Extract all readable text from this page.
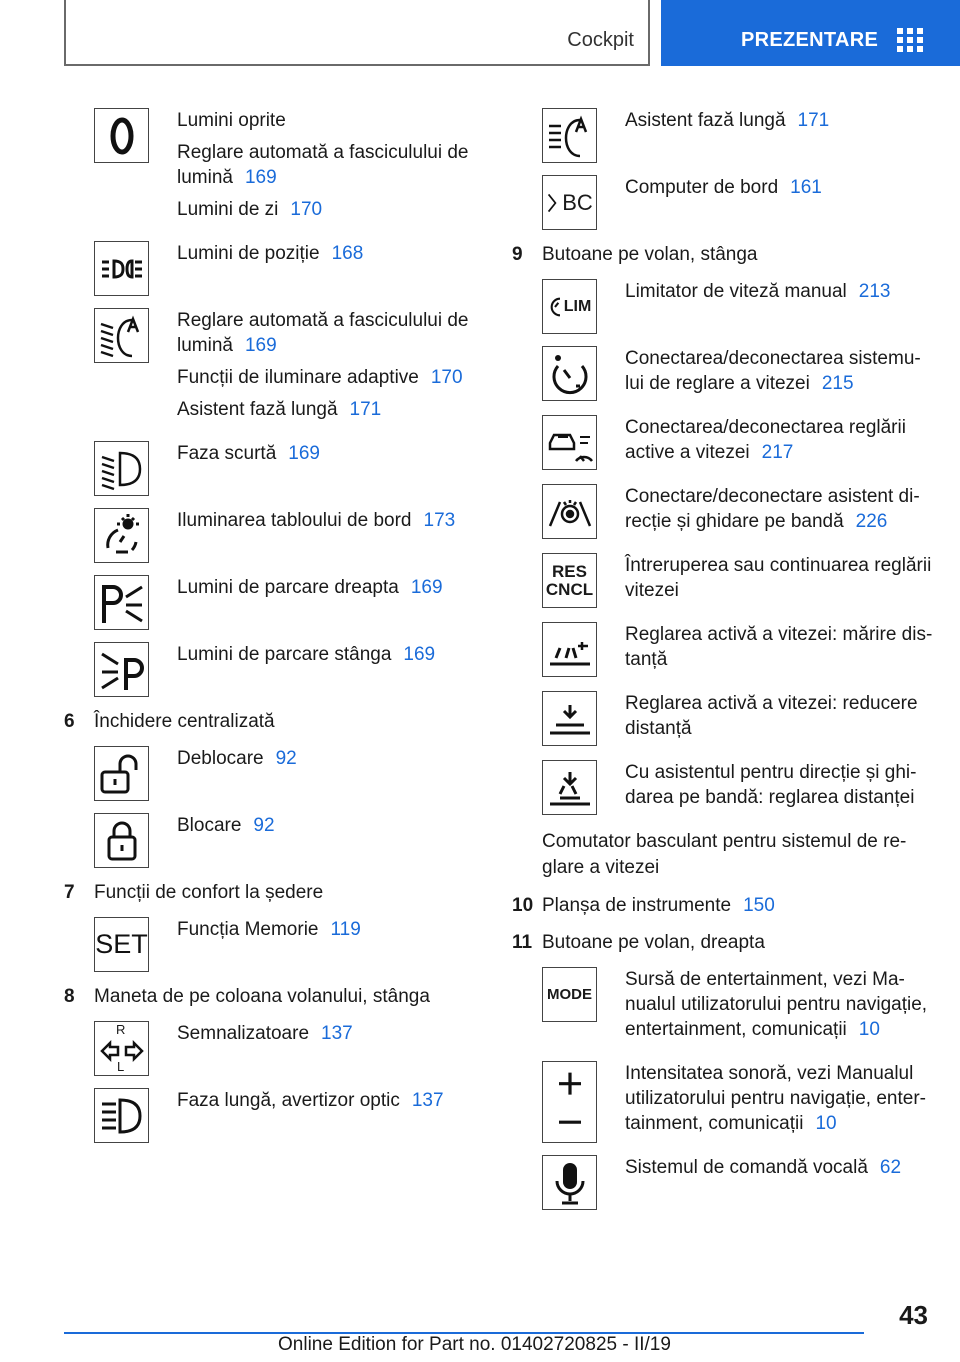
Cockpit	PREZENTARE

Lumini oprite

Reglare automată a fasciculului de lumină 169

Lumini de zi 170

Lumini de poziție 168

Reglare automată a fasciculului de lumină 169

Funcții de iluminare adaptive 170

Asistent fază lungă 171

Faza scurtă 169

Iluminarea tabloului de bord 173

Lumini de parcare dreapta 169

Lumini de parcare stânga 169

6	Închidere centralizată

Deblocare 92

Blocare 92

7	Funcții de confort la ședere
SET Funcția Memorie 119

8	Maneta de pe coloana volanului, stânga
R
L

Semnalizatoare 137

Faza lungă, avertizor optic 137

Asistent fază lungă 171

BC

Computer de bord 161

9	Butoane pe volan, stânga
LIM

Limitator de viteză manual 213

Conectarea/deconectarea sistemu-lui de reglare a vitezei 215

Conectarea/deconectarea reglării active a vitezei 217

Conectare/deconectare asistent di-recție și ghidare pe bandă 226

RES
CNCL

Întreruperea sau continuarea reglării vitezei

Reglarea activă a vitezei: mărire dis-tanță

Reglarea activă a vitezei: reducere distanță

Cu asistentul pentru direcție și ghi-darea pe bandă: reglarea distanței

Comutator basculant pentru sistemul de re-glare a vitezei

10 Planșa de instrumente 150
11 Butoane pe volan, dreapta
MODE

Sursă de entertainment, vezi Ma-nualul utilizatorului pentru navigație, entertainment, comunicații 10

Intensitatea sonoră, vezi Manualul utilizatorului pentru navigație, enter-tainment, comunicații 10

Sistemul de comandă vocală 62

43
Online Edition for Part no. 01402720825 - II/19
